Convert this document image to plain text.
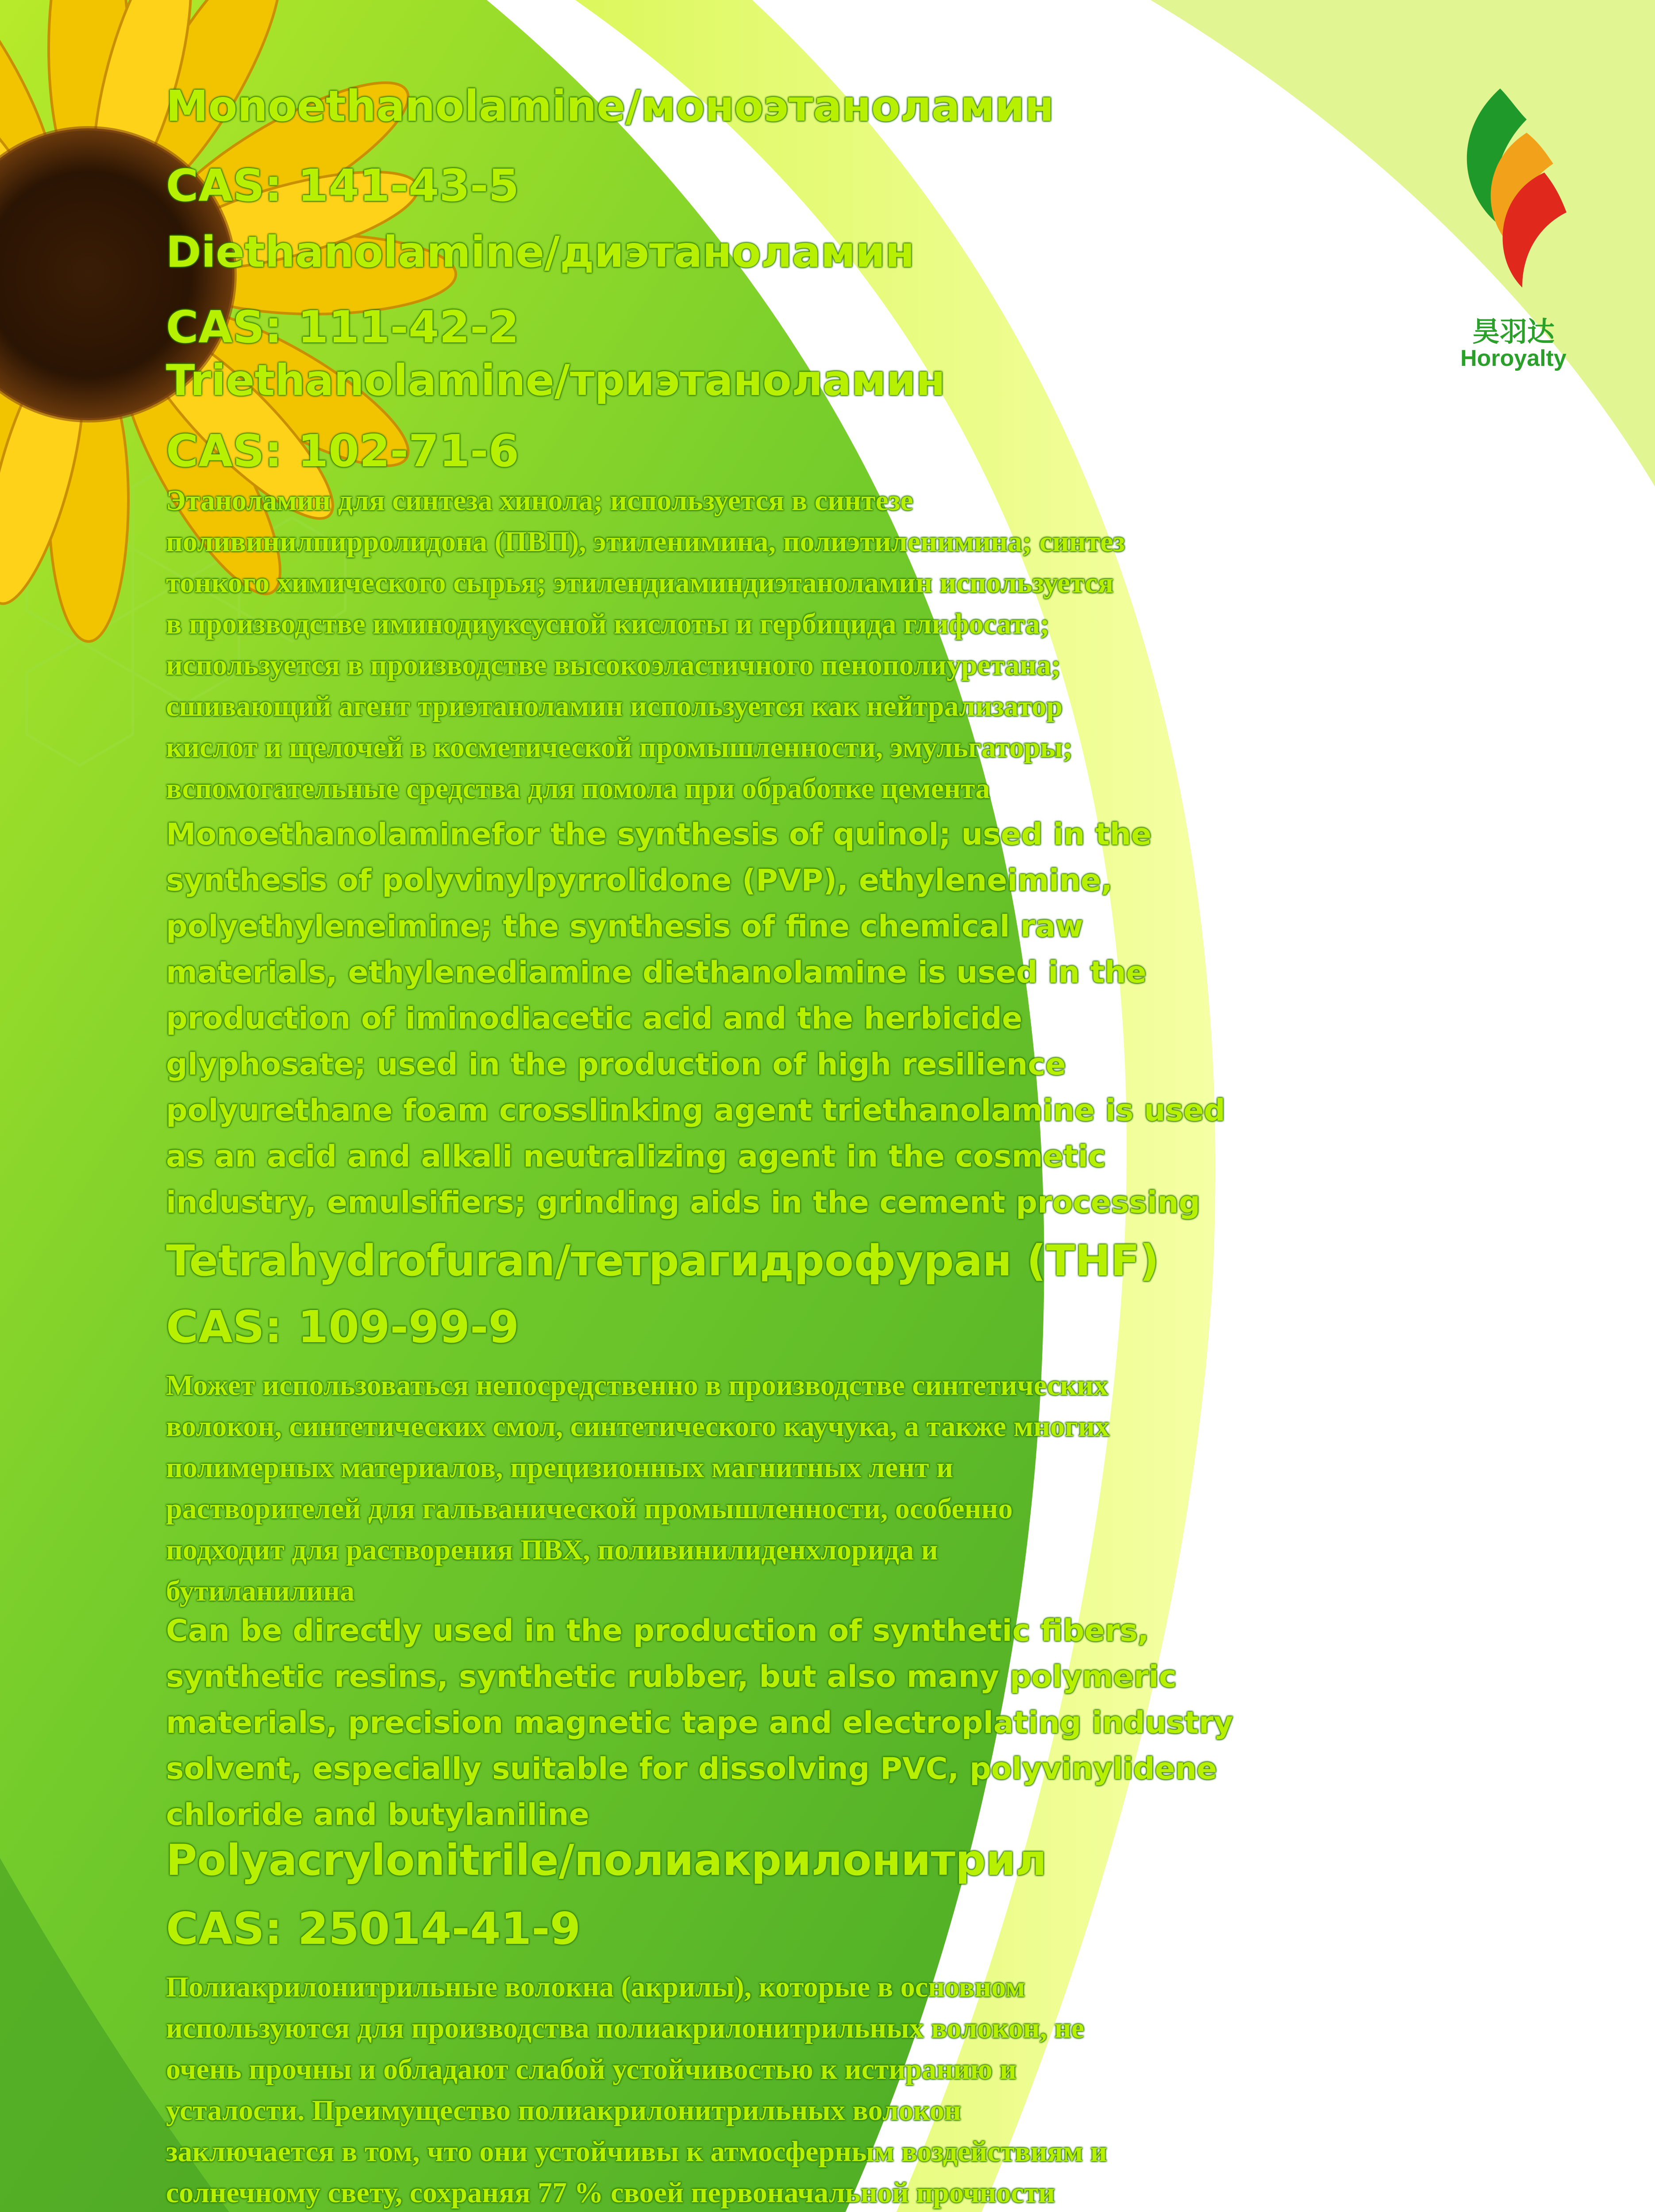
昊羽达
Horoyalty
Monoethanolamine/моноэтаноламин
CAS: 141-43-5
Diethanolamine/диэтаноламин
CAS: 111-42-2
Triethanolamine/триэтаноламин
CAS: 102-71-6
Этаноламин для синтеза хинола; используется в синтезе
поливинилпирролидона (ПВП), этиленимина, полиэтиленимина; синтез
тонкого химического сырья; этилендиаминдиэтаноламин используется
в производстве иминодиуксусной кислоты и гербицида глифосата;
используется в производстве высокоэластичного пенополиуретана;
сшивающий агент триэтаноламин используется как нейтрализатор
кислот и щелочей в косметической промышленности, эмульгаторы;
вспомогательные средства для помола при обработке цемента
Monoethanolaminefor the synthesis of quinol; used in the
synthesis of polyvinylpyrrolidone (PVP), ethyleneimine,
polyethyleneimine; the synthesis of fine chemical raw
materials, ethylenediamine diethanolamine is used in the
production of iminodiacetic acid and the herbicide
glyphosate; used in the production of high resilience
polyurethane foam crosslinking agent triethanolamine is used
as an acid and alkali neutralizing agent in the cosmetic
industry, emulsifiers; grinding aids in the cement processing
Tetrahydrofuran/тетрагидрофуран (THF)
CAS: 109-99-9
Может использоваться непосредственно в производстве синтетических
волокон, синтетических смол, синтетического каучука, а также многих
полимерных материалов, прецизионных магнитных лент и
растворителей для гальванической промышленности, особенно
подходит для растворения ПВХ, поливинилиденхлорида и
бутиланилина
Can be directly used in the production of synthetic fibers,
synthetic resins, synthetic rubber, but also many polymeric
materials, precision magnetic tape and electroplating industry
solvent, especially suitable for dissolving PVC, polyvinylidene
chloride and butylaniline
Polyacrylonitrile/полиакрилонитрил
CAS: 25014-41-9
Полиакрилонитрильные волокна (акрилы), которые в основном
используются для производства полиакрилонитрильных волокон, не
очень прочны и обладают слабой устойчивостью к истиранию и
усталости. Преимущество полиакрилонитрильных волокон
заключается в том, что они устойчивы к атмосферным воздействиям и
солнечному свету, сохраняя 77 % своей первоначальной прочности
